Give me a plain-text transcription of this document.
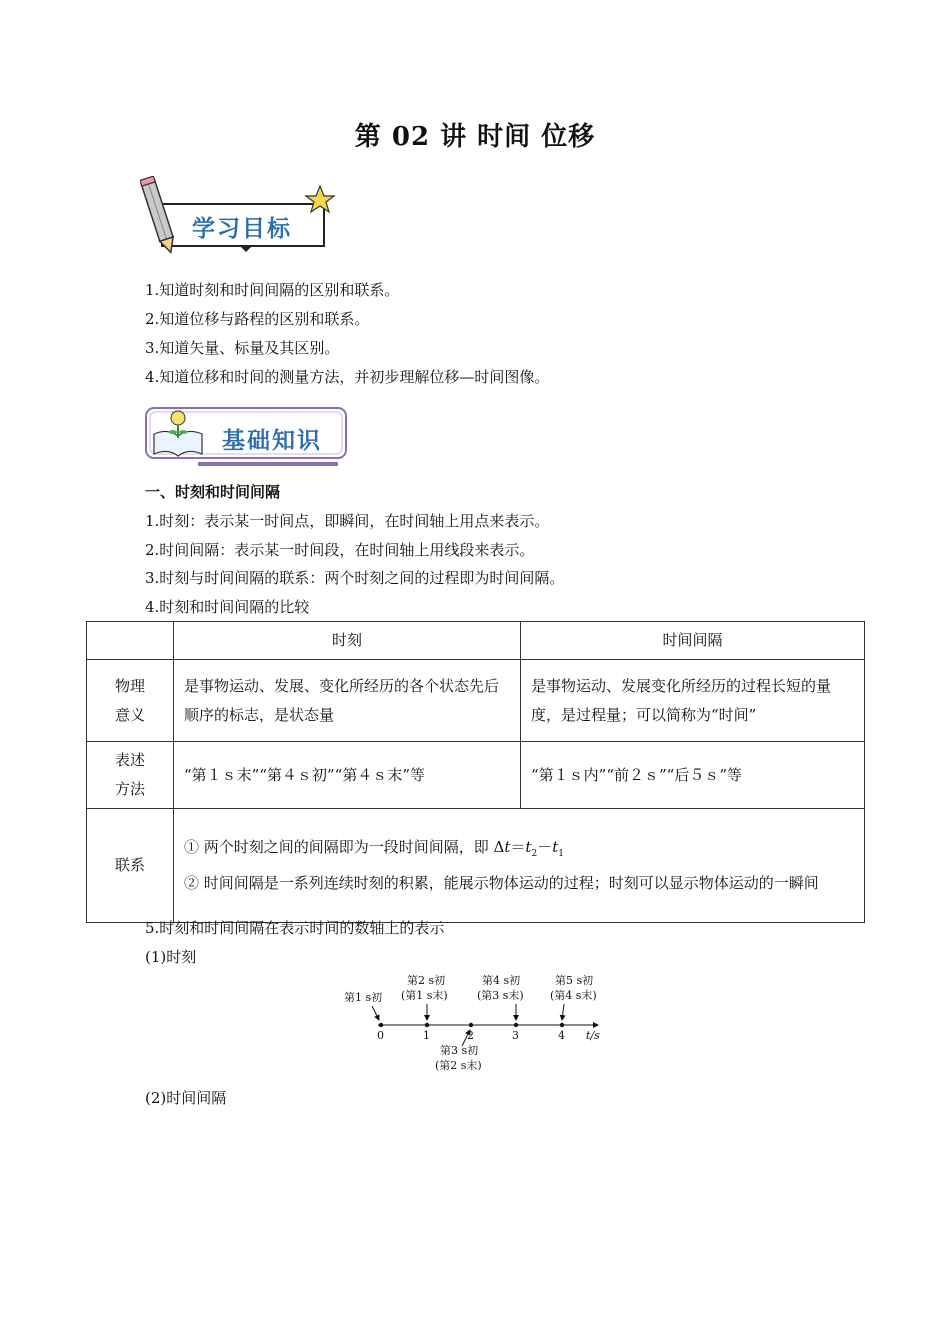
第 02 讲 时间 位移
学习目标
1.知道时刻和时间间隔的区别和联系。
2.知道位移与路程的区别和联系。
3.知道矢量、标量及其区别。
4.知道位移和时间的测量方法，并初步理解位移—时间图像。
基础知识
一、时刻和时间间隔
1.时刻：表示某一时间点，即瞬间，在时间轴上用点来表示。
2.时间间隔：表示某一时间段，在时间轴上用线段来表示。
3.时刻与时间间隔的联系：两个时刻之间的过程即为时间间隔。
4.时刻和时间间隔的比较
	时刻	时间间隔

物理
意义	是事物运动、发展、变化所经历的各个状态先后顺序的标志，是状态量	是事物运动、发展变化所经历的过程长短的量度，是过程量；可以简称为“时间”

表述
方法	“第１ｓ末”“第４ｓ初”“第４ｓ末”等	“第１ｓ内”“前２ｓ”“后５ｓ”等
联系	① 两个时刻之间的间隔即为一段时间间隔，即 $\Delta t=t_2-t_1$
② 时间间隔是一系列连续时刻的积累，能展示物体运动的过程；时刻可以显示物体运动的一瞬间	
5.时刻和时间间隔在表示时间的数轴上的表示
(1)时刻
0	1	2	3	4 t/s
第1 s初
第2 s初
(第1 s末)
第4 s初
(第3 s末)
第5 s初
(第4 s末)
第3 s初
(第2 s末)
(2)时间间隔
